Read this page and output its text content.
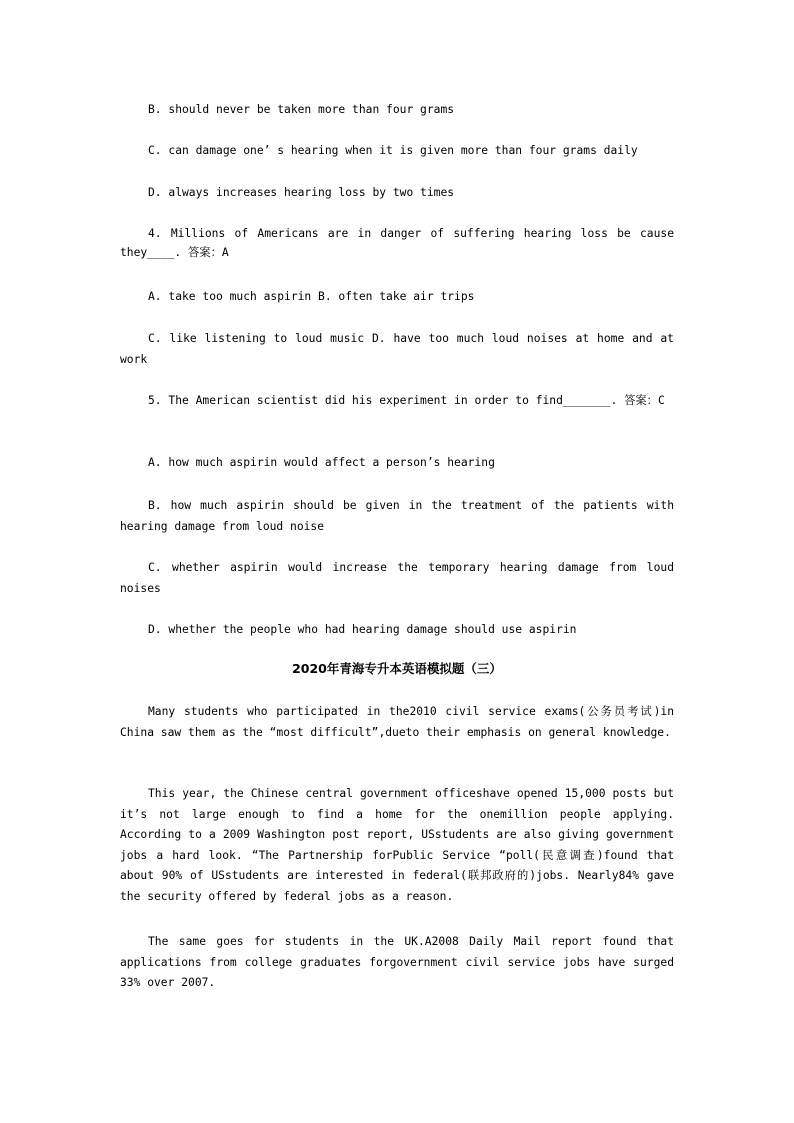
B. should never be taken more than four grams

C. can damage one’ s hearing when it is given more than four grams daily

D. always increases hearing loss by two times

4. Millions of Americans are in danger of suffering hearing loss be cause they____. 答案：A

A. take too much aspirin B. often take air trips

C. like listening to loud music D. have too much loud noises at home and at work

5. The American scientist did his experiment in order to find_______. 答案：C

A. how much aspirin would affect a person’s hearing

B. how much aspirin should be given in the treatment of the patients with hearing damage from loud noise

C. whether aspirin would increase the temporary hearing damage from loud noises

D. whether the people who had hearing damage should use aspirin

2020年青海专升本英语模拟题（三）

Many students who participated in the2010 civil service exams(公务员考试)in China saw them as the “most difficult”,dueto their emphasis on general knowledge.

This year, the Chinese central government officeshave opened 15,000 posts but it’s not large enough to find a home for the onemillion people applying. According to a 2009 Washington post report, USstudents are also giving government jobs a hard look. “The Partnership forPublic Service “poll(民意调查)found that about 90% of USstudents are interested in federal(联邦政府的)jobs. Nearly84% gave the security offered by federal jobs as a reason.

The same goes for students in the UK.A2008 Daily Mail report found that applications from college graduates forgovernment civil service jobs have surged 33% over 2007.
